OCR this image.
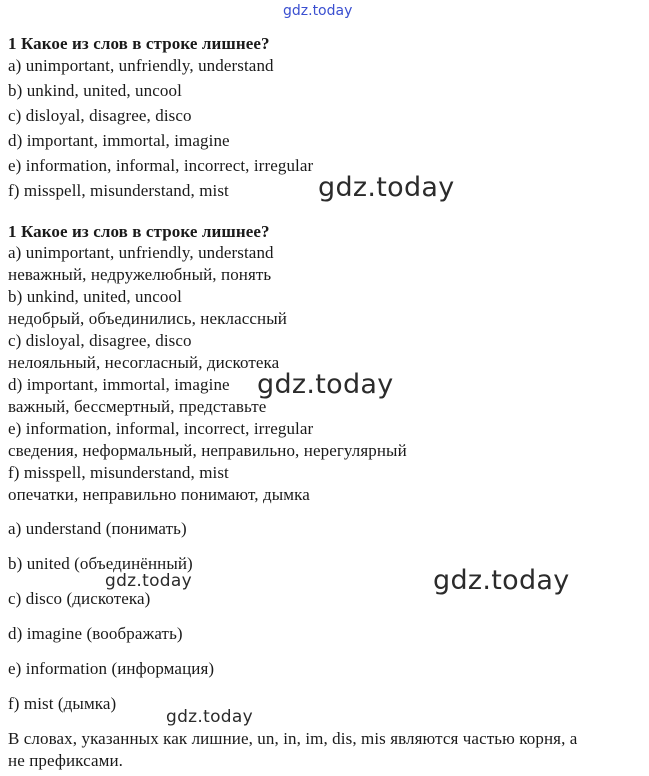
gdz.today
1 Какое из слов в строке лишнее?
a) unimportant, unfriendly, understand
b) unkind, united, uncool
c) disloyal, disagree, disco
d) important, immortal, imagine
e) information, informal, incorrect, irregular
f) misspell, misunderstand, mist	gdz.today
1 Какое из слов в строке лишнее?
a) unimportant, unfriendly, understand
неважный, недружелюбный, понять
b) unkind, united, uncool
недобрый, объединились, неклассный
c) disloyal, disagree, disco
нелояльный, несогласный, дискотека
d) important, immortal, imagine
важный, бессмертный, представьте
e) information, informal, incorrect, irregular
сведения, неформальный, неправильно, нерегулярный
f) misspell, misunderstand, mist
опечатки, неправильно понимают, дымка
gdz.today
a) understand (понимать)
b) united (объединённый)
c) disco (дискотека)
d) imagine (воображать)
e) information (информация)
f) mist (дымка)
gdz.today	gdz.today
gdz.today
В словах, указанных как лишние, un, in, im, dis, mis являются частью корня, а
не префиксами.
